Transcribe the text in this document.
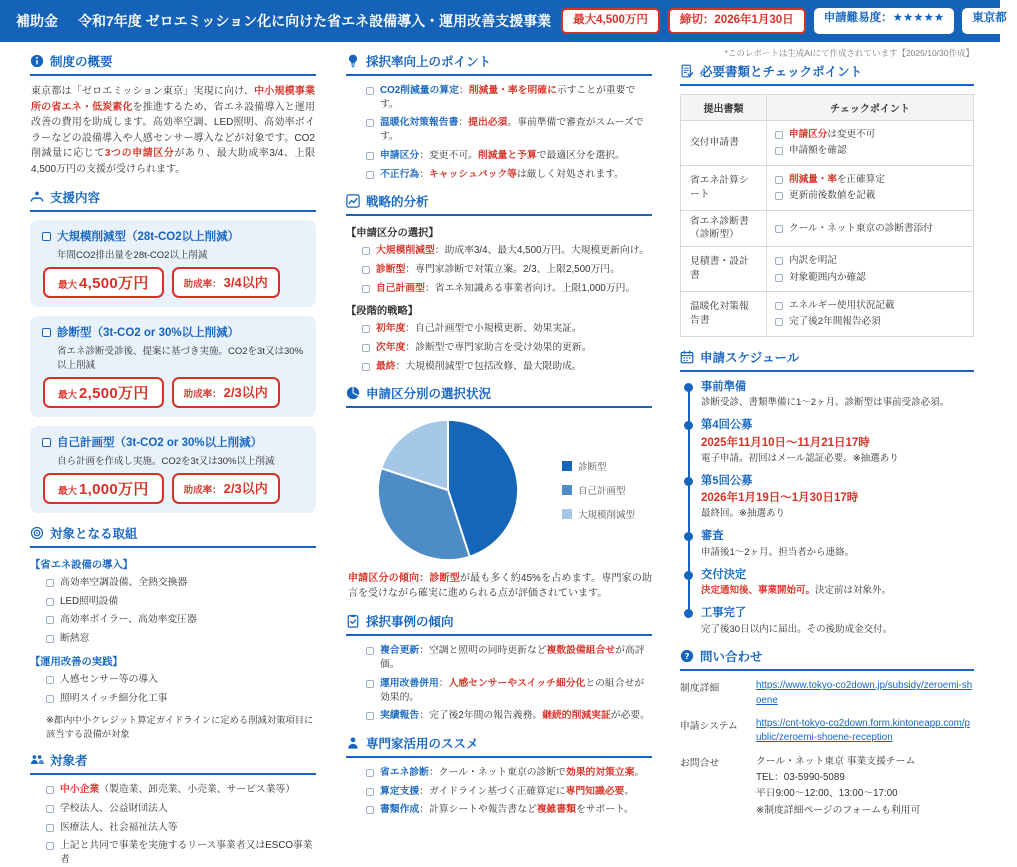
補助金 令和7年度 ゼロエミッション化に向けた省エネ設備導入・運用改善支援事業	最大4,500万円	締切：2026年1月30日	申請難易度：★★★★★	東京都
制度の概要

東京都は「ゼロエミッション東京」実現に向け、中小規模事業所の省エネ・低炭素化を推進するため、省エネ設備導入と運用改善の費用を助成します。高効率空調、LED照明、高効率ボイラーなどの設備導入や人感センサー導入などが対象です。CO2削減量に応じて3つの申請区分があり、最大助成率3/4、上限4,500万円の支援が受けられます。

支援内容
大規模削減型（28t-CO2以上削減）
年間CO2排出量を28t-CO2以上削減
最大 4,500万円	助成率： 3/4以内
診断型（3t-CO2 or 30%以上削減）
省エネ診断受診後、提案に基づき実施。CO2を3t又は30%以上削減
最大 2,500万円	助成率： 2/3以内
自己計画型（3t-CO2 or 30%以上削減）
自ら計画を作成し実施。CO2を3t又は30%以上削減
最大 1,000万円	助成率： 2/3以内
対象となる取組
【省エネ設備の導入】
高効率空調設備、全熱交換器
LED照明設備
高効率ボイラー、高効率変圧器
断熱窓
【運用改善の実践】
人感センサー等の導入
照明スイッチ細分化工事
※都内中小クレジット算定ガイドラインに定める削減対策項目に該当する設備が対象
対象者
中小企業（製造業、卸売業、小売業、サービス業等）
学校法人、公益財団法人
医療法人、社会福祉法人等
上記と共同で事業を実施するリース事業者又はESCO事業者
採択率向上のポイント
CO2削減量の算定：削減量・率を明確に示すことが重要です。
温暖化対策報告書：提出必須。事前準備で審査がスムーズです。
申請区分：変更不可。削減量と予算で最適区分を選択。
不正行為：キャッシュバック等は厳しく対処されます。
戦略的分析
【申請区分の選択】
大規模削減型：助成率3/4、最大4,500万円。大規模更新向け。
診断型：専門家診断で対策立案。2/3、上限2,500万円。
自己計画型：省エネ知識ある事業者向け。上限1,000万円。
【段階的戦略】
初年度：自己計画型で小規模更新、効果実証。
次年度：診断型で専門家助言を受け効果的更新。
最終：大規模削減型で包括改修、最大限助成。
申請区分別の選択状況
診断型
自己計画型
大規模削減型

申請区分の傾向：診断型が最も多く約45%を占めます。専門家の助言を受けながら確実に進められる点が評価されています。

採択事例の傾向
複合更新：空調と照明の同時更新など複数設備組合せが高評価。
運用改善併用：人感センサーやスイッチ細分化との組合せが効果的。
実績報告：完了後2年間の報告義務。継続的削減実証が必要。
専門家活用のススメ
省エネ診断：クール・ネット東京の診断で効果的対策立案。
算定支援：ガイドライン基づく正確算定に専門知識必要。
書類作成：計算シートや報告書など複雑書類をサポート。
*このレポートは生成AIにて作成されています【2025/10/30作成】
必要書類とチェックポイント
提出書類	チェックポイント
交付申請書	申請区分は変更不可
申請額を確認

省エネ計算シート	削減量・率を正確算定
更新前後数値を記載

省エネ診断書（診断型）	クール・ネット東京の診断書添付

見積書・設計書	内訳を明記
対象範囲内か確認

温暖化対策報告書	エネルギー使用状況記載
完了後2年間報告必須
申請スケジュール
事前準備
診断受診、書類準備に1～2ヶ月。診断型は事前受診必須。
第4回公募
2025年11月10日～11月21日17時
電子申請。初回はメール認証必要。※抽選あり
第5回公募
2026年1月19日～1月30日17時
最終回。※抽選あり
審査
申請後1～2ヶ月。担当者から連絡。
交付決定
決定通知後、事業開始可。決定前は対象外。
工事完了
完了後30日以内に届出。その後助成金交付。
? 問い合わせ
制度詳細	https://www.tokyo-co2down.jp/subsidy/zeroemi-shoene
申請システム	https://cnt-tokyo-co2down.form.kintoneapp.com/public/zeroemi-shoene-reception
お問合せ	クール・ネット東京 事業支援チーム
TEL：03-5990-5089
平日9:00～12:00、13:00～17:00
※制度詳細ページのフォームも利用可
